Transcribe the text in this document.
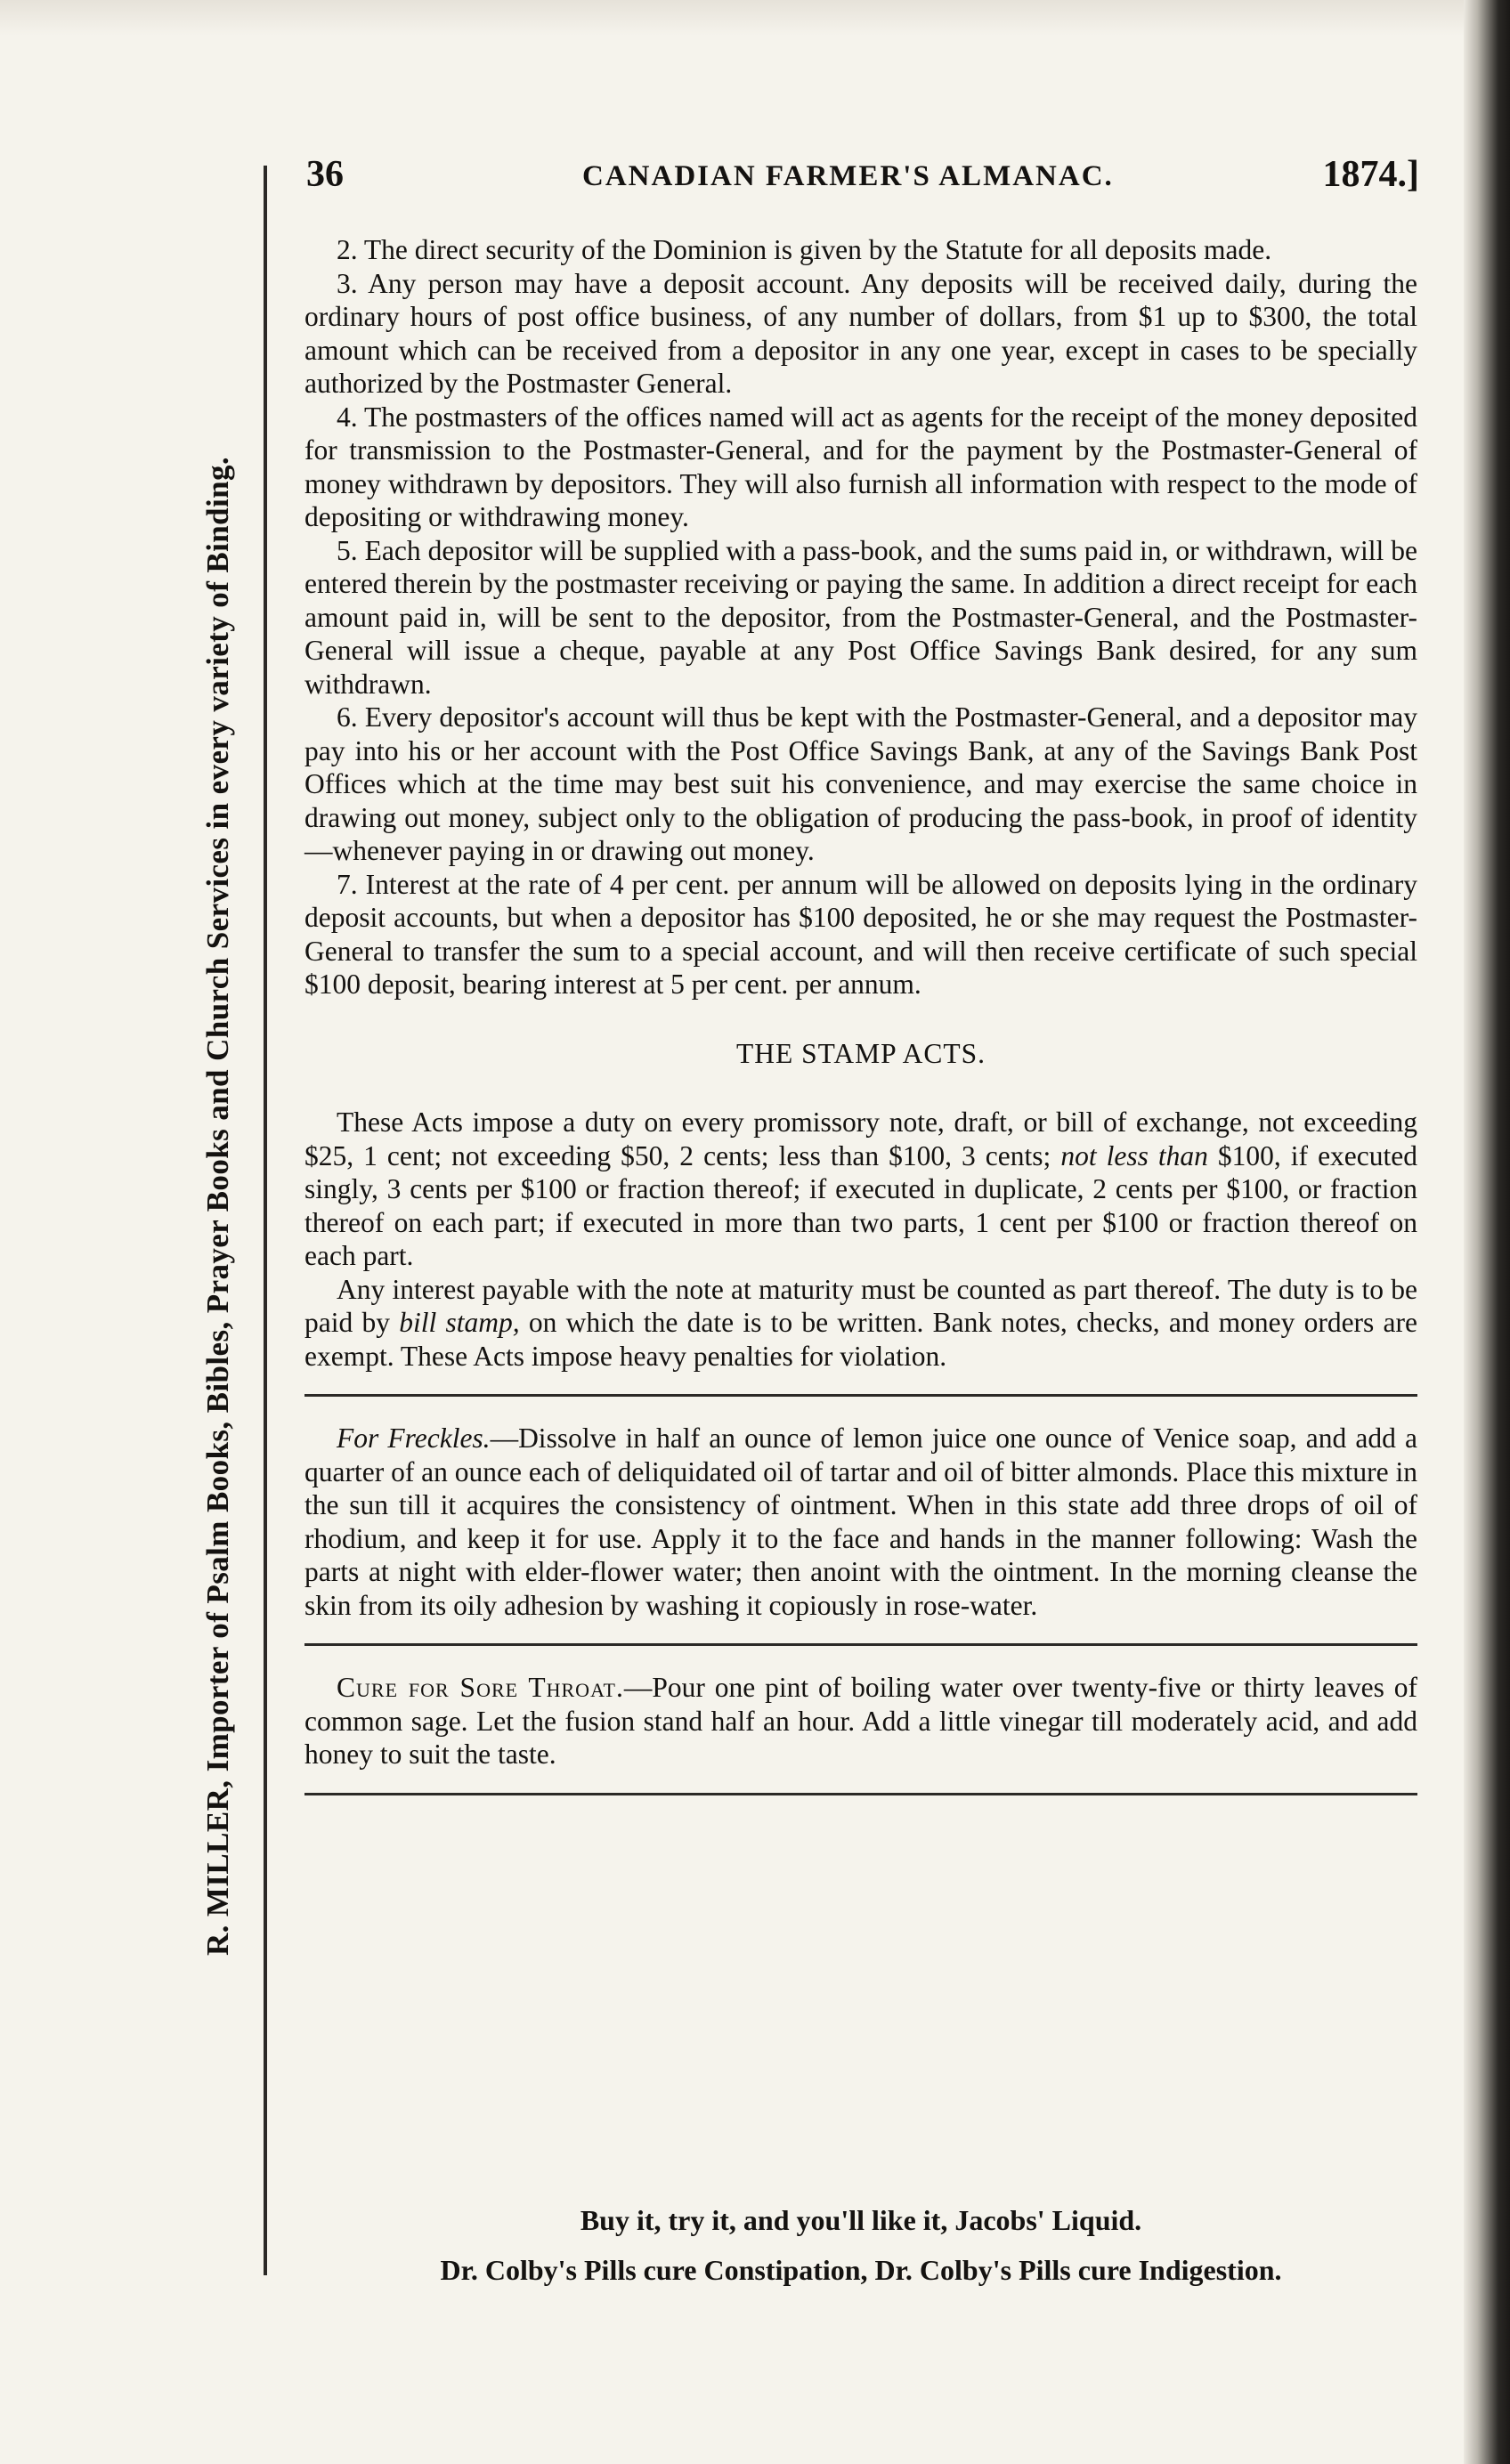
R. MILLER, Importer of Psalm Books, Bibles, Prayer Books and Church Services in every variety of Binding.
36	CANADIAN FARMER'S ALMANAC.	1874.]

2. The direct security of the Dominion is given by the Statute for all deposits made.

3. Any person may have a deposit account. Any deposits will be received daily, during the ordinary hours of post office business, of any number of dollars, from $1 up to $300, the total amount which can be received from a depositor in any one year, except in cases to be specially authorized by the Postmaster General.

4. The postmasters of the offices named will act as agents for the receipt of the money deposited for transmission to the Postmaster-General, and for the payment by the Postmaster-General of money withdrawn by depositors. They will also furnish all information with respect to the mode of depositing or withdrawing money.

5. Each depositor will be supplied with a pass-book, and the sums paid in, or withdrawn, will be entered therein by the postmaster receiving or paying the same. In addition a direct receipt for each amount paid in, will be sent to the depositor, from the Postmaster-General, and the Postmaster-General will issue a cheque, payable at any Post Office Savings Bank desired, for any sum withdrawn.

6. Every depositor's account will thus be kept with the Postmaster-General, and a depositor may pay into his or her account with the Post Office Savings Bank, at any of the Savings Bank Post Offices which at the time may best suit his convenience, and may exercise the same choice in drawing out money, subject only to the obligation of producing the pass-book, in proof of identity—whenever paying in or drawing out money.

7. Interest at the rate of 4 per cent. per annum will be allowed on deposits lying in the ordinary deposit accounts, but when a depositor has $100 deposited, he or she may request the Postmaster-General to transfer the sum to a special account, and will then receive certificate of such special $100 deposit, bearing interest at 5 per cent. per annum.

THE STAMP ACTS.

These Acts impose a duty on every promissory note, draft, or bill of exchange, not exceeding $25, 1 cent; not exceeding $50, 2 cents; less than $100, 3 cents; not less than $100, if executed singly, 3 cents per $100 or fraction thereof; if executed in duplicate, 2 cents per $100, or fraction thereof on each part; if executed in more than two parts, 1 cent per $100 or fraction thereof on each part.

Any interest payable with the note at maturity must be counted as part thereof. The duty is to be paid by bill stamp, on which the date is to be written. Bank notes, checks, and money orders are exempt. These Acts impose heavy penalties for violation.

For Freckles.—Dissolve in half an ounce of lemon juice one ounce of Venice soap, and add a quarter of an ounce each of deliquidated oil of tartar and oil of bitter almonds. Place this mixture in the sun till it acquires the consistency of ointment. When in this state add three drops of oil of rhodium, and keep it for use. Apply it to the face and hands in the manner following: Wash the parts at night with elder-flower water; then anoint with the ointment. In the morning cleanse the skin from its oily adhesion by washing it copiously in rose-water.

Cure for Sore Throat.—Pour one pint of boiling water over twenty-five or thirty leaves of common sage. Let the fusion stand half an hour. Add a little vinegar till moderately acid, and add honey to suit the taste.

Buy it, try it, and you'll like it, Jacobs' Liquid.
Dr. Colby's Pills cure Constipation, Dr. Colby's Pills cure Indigestion.
